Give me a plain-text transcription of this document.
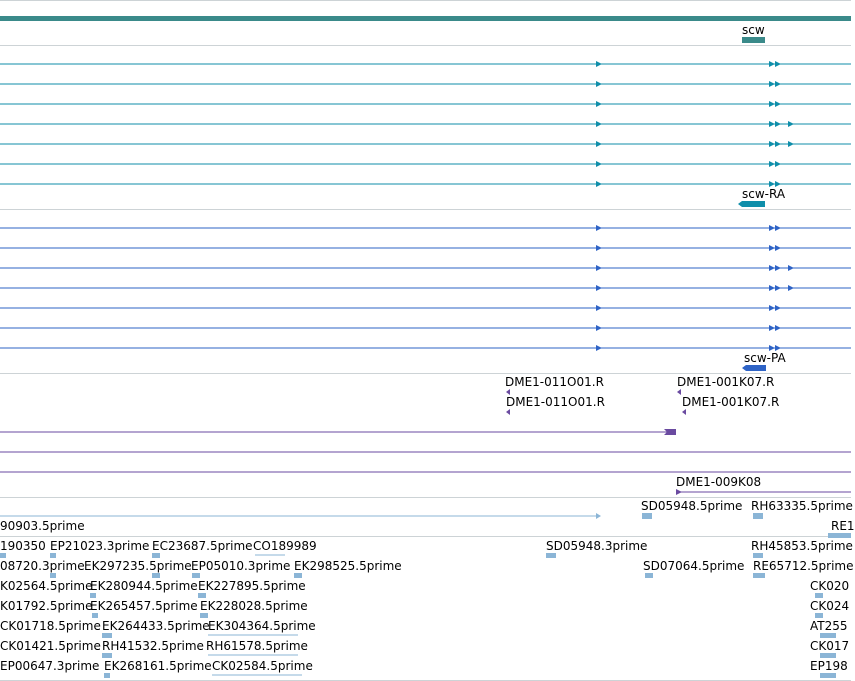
scw
scw-RA
scw-PA
DME1-011O01.R	DME1-001K07.R
DME1-011O01.R	DME1-001K07.R
DME1-009K08
SD05948.5prime RH63335.5prime
90903.5prime	RE1
190350 EP21023.3prime EC23687.5prime CO189989	SD05948.3prime	RH45853.5prime
08720.3prime EK297235.5prime EP05010.3prime EK298525.5prime	SD07064.5prime RE65712.5prime
K02564.5prime
EK280944.5prime EK227895.5prime	CK020
K01792.5prime
EK265457.5prime EK228028.5prime	CK024
CK01718.5prime EK264433.5prime
EK304364.5prime	AT255
CK01421.5prime RH41532.5prime RH61578.5prime	CK017
EP00647.3prime EK268161.5prime CK02584.5prime	EP198
